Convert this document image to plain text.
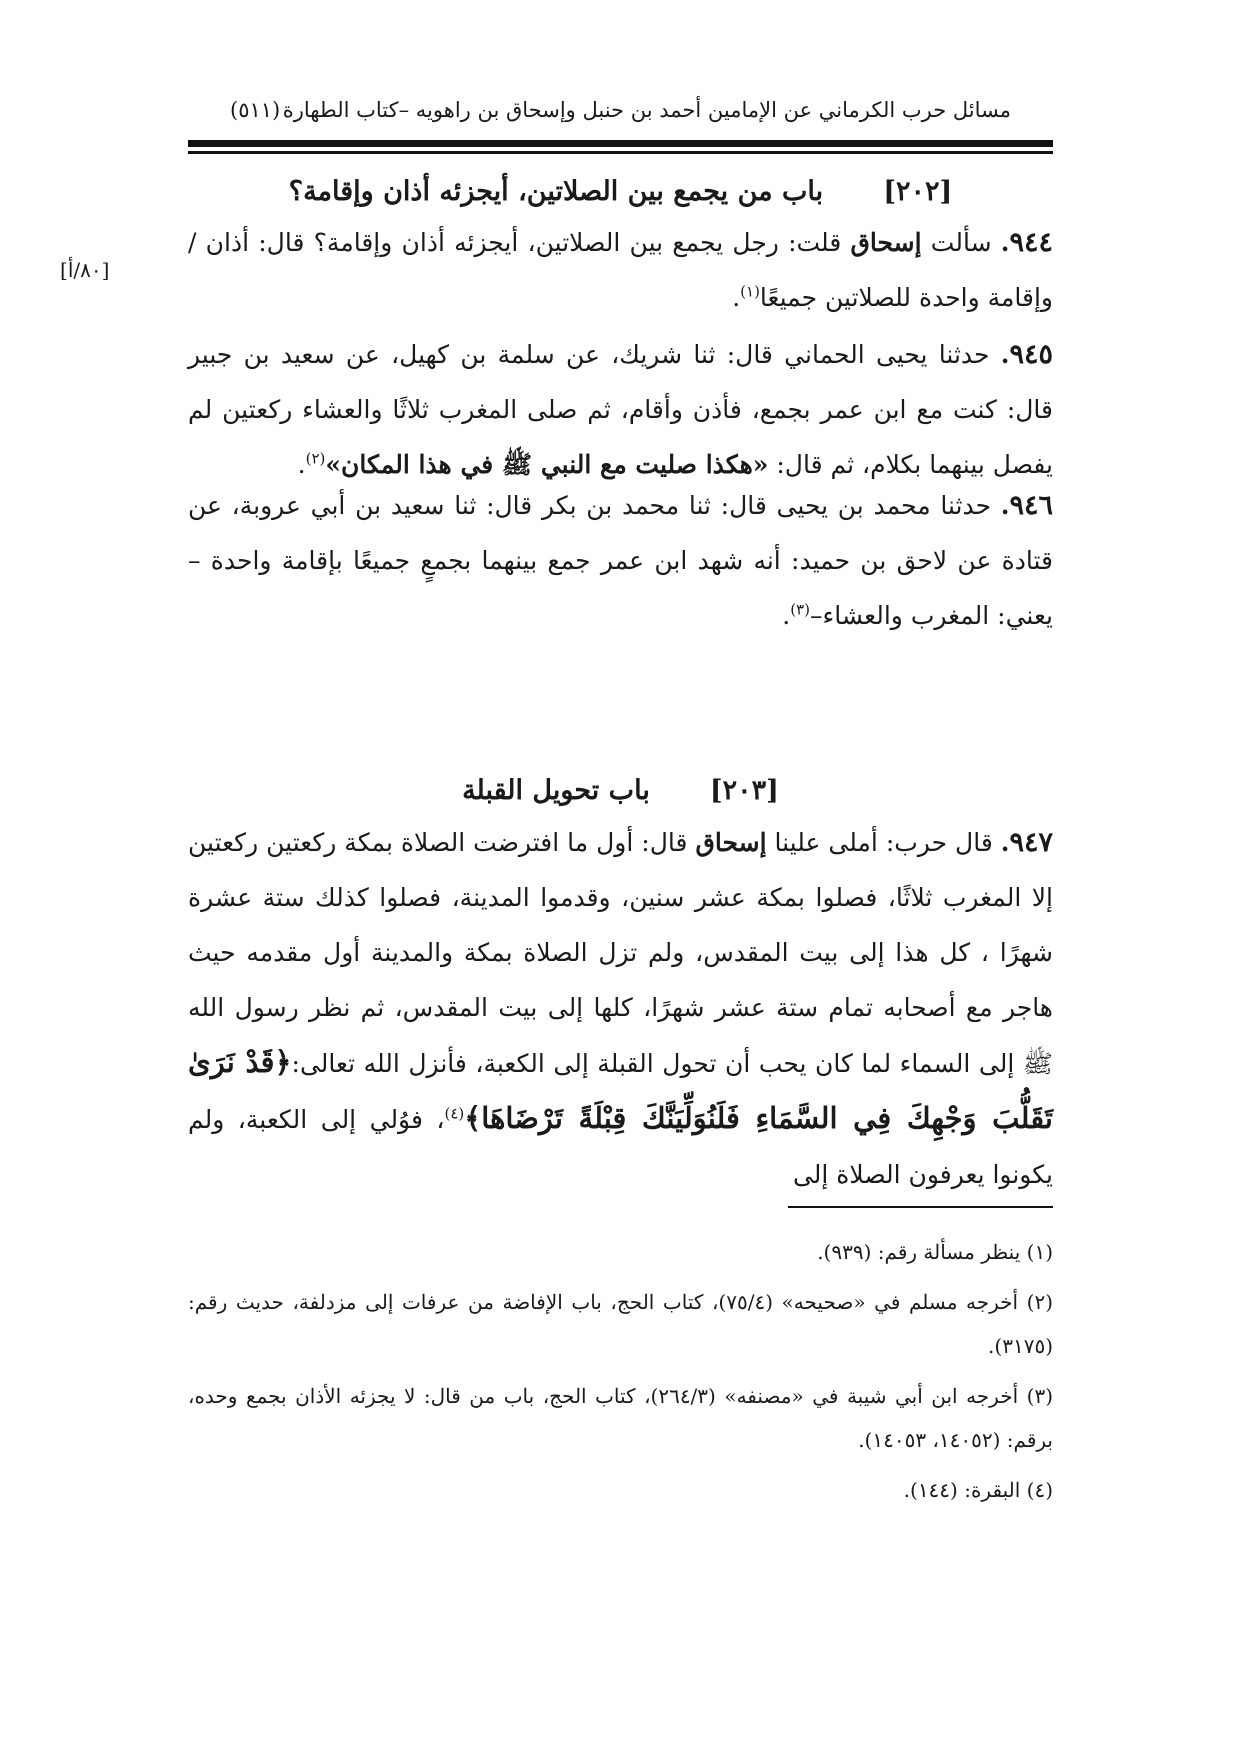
مسائل حرب الكرماني عن الإمامين أحمد بن حنبل وإسحاق بن راهويه –كتاب الطهارة
(٥١١)
[٨٠/أ]
[٢٠٢]
باب من يجمع بين الصلاتين، أيجزئه أذان وإقامة؟

٩٤٤. سألت إسحاق قلت: رجل يجمع بين الصلاتين، أيجزئه أذان وإقامة؟ قال: أذان / وإقامة واحدة للصلاتين جميعًا$^{(١)}$.

٩٤٥. حدثنا يحيى الحماني قال: ثنا شريك، عن سلمة بن كهيل، عن سعيد بن جبير قال: كنت مع ابن عمر بجمع، فأذن وأقام، ثم صلى المغرب ثلاثًا والعشاء ركعتين لم يفصل بينهما بكلام، ثم قال: «هكذا صليت مع النبي ﷺ في هذا المكان»$^{(٢)}$.

٩٤٦. حدثنا محمد بن يحيى قال: ثنا محمد بن بكر قال: ثنا سعيد بن أبي عروبة، عن قتادة عن لاحق بن حميد: أنه شهد ابن عمر جمع بينهما بجمعٍ جميعًا بإقامة واحدة –يعني: المغرب والعشاء–$^{(٣)}$.

[٢٠٣]
باب تحويل القبلة

٩٤٧. قال حرب: أملى علينا إسحاق قال: أول ما افترضت الصلاة بمكة ركعتين ركعتين إلا المغرب ثلاثًا، فصلوا بمكة عشر سنين، وقدموا المدينة، فصلوا كذلك ستة عشرة شهرًا ، كل هذا إلى بيت المقدس، ولم تزل الصلاة بمكة والمدينة أول مقدمه حيث هاجر مع أصحابه تمام ستة عشر شهرًا، كلها إلى بيت المقدس، ثم نظر رسول الله ﷺ إلى السماء لما كان يحب أن تحول القبلة إلى الكعبة، فأنزل الله تعالى:﴿قَدْ نَرَىٰ تَقَلُّبَ وَجْهِكَ فِي السَّمَاءِ فَلَنُوَلِّيَنَّكَ قِبْلَةً تَرْضَاهَا﴾$^{(٤)}$، فوُلي إلى الكعبة، ولم يكونوا يعرفون الصلاة إلى

(١) ينظر مسألة رقم: (٩٣٩).

(٢) أخرجه مسلم في «صحيحه» (٧٥/٤)، كتاب الحج، باب الإفاضة من عرفات إلى مزدلفة، حديث رقم: (٣١٧٥).

(٣) أخرجه ابن أبي شيبة في «مصنفه» (٢٦٤/٣)، كتاب الحج، باب من قال: لا يجزئه الأذان بجمع وحده، برقم: (١٤٠٥٢، ١٤٠٥٣).

(٤) البقرة: (١٤٤).
